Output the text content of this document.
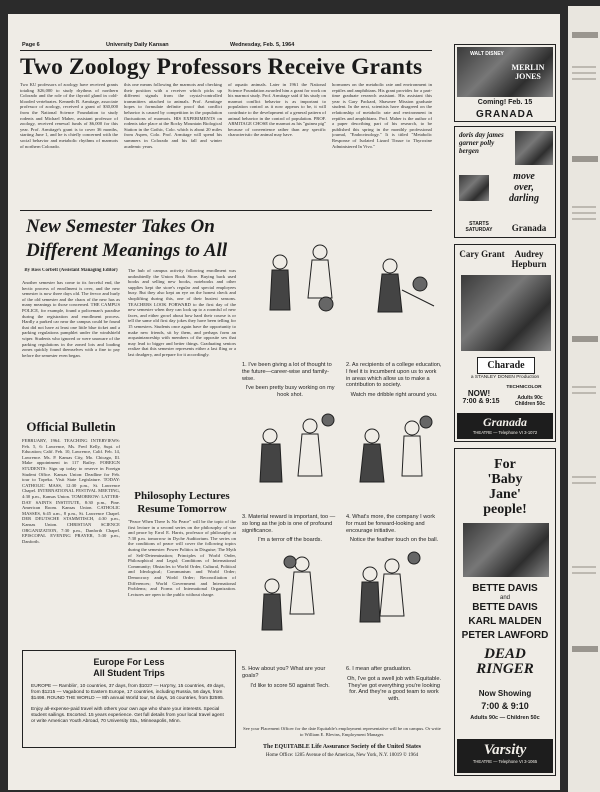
Page 6	University Daily Kansan	Wednesday, Feb. 5, 1964
Two Zoology Professors Receive Grants
Two KU professors of zoology have received grants totaling $26,000 to study rhythms of northern Colorado and the role of the thyroid gland in cold-blooded vertebrates. Kenneth B. Armitage, associate professor of zoology, received a grant of $30,000 from the National Science Foundation to study rodents and Michael Maher, assistant professor of zoology, received renewal funds of $6,000 for this year. Prof. Armitage's grant is to cover 36 months, starting June 1, and he is chiefly concerned with the social behavior and metabolic rhythms of marmots of northern Colorado.
this one means following the marmots and checking their position with a receiver which picks up different signals from the crystal-controlled transmitters attached to animals. Prof. Armitage hopes to formulate definite proof that conflict behavior is caused by competition in the population fluctuations of marmots. HIS EXPERIMENTS on rodents take place at the Rocky Mountain Biological Station in the Gothic, Colo. which is about 20 miles from Aspen, Colo. Prof. Armitage will spend his summers in Colorado and his fall and winter academic years.
of aquatic animals. Later in 1961 the National Science Foundation awarded him a grant for work on his marmot study. Prof. Armitage said if his study on marmot conflict behavior is as important to population control as it now appears to be, it will contribute to the development of a general pattern of animal behavior in the control of population. PROF. ARMITAGE CHOSE the marmot as his "guinea pig" because of convenience rather than any specific characteristic the animal may have.
hormones on the metabolic rate and environment in reptiles and amphibians. His grant provides for a part-time graduate research assistant. His assistant this year is Gary Packard, Shawnee Mission graduate student. In the next, scientists have disagreed on the relationship of metabolic rate and environment in reptiles and amphibians. Prof. Maher is the author of a paper describing part of his research, to be published this spring in the monthly professional journal, "Endocrinology." It is titled "Metabolic Response of Isolated Lizard Tissue to Thyroxine Administered In Vivo."
New Semester Takes On
Different Meanings to All
By Ross Corbett (Assistant Managing Editor)
Another semester has come to its forceful end, the hectic process of enrollment is over, and the new semester is now three days old. The fervor and hurly of the old semester and the chaos of the new has as many meanings to those concerned. THE CAMPUS POLICE, for example, found a policeman's paradise during the registration and enrollment process. Hardly a parked car near the campus could be found that did not have at least one little blue ticket and a parking regulations pamphlet under the windshield wiper. Students who ignored or were unaware of the parking regulations in the zoned lots and loading zones quickly found themselves with a fine to pay before the semester even began.
The hub of campus activity following enrollment was undoubtedly the Union Book Store. Buying back used books and selling new books, notebooks and other supplies kept the store's regular and special employees busy. But they also kept an eye on the honest check and shoplifting during this, one of their busiest seasons. TEACHERS LOOK FORWARD to the first day of the new semester when they can look up to a roomful of new faces, and either growl about how hard their course is or tell the same old first day jokes they have been telling for 15 semesters. Students once again have the opportunity to make new friends, sit by them, and perhaps form an acquaintanceship with members of the opposite sex that may lead to bigger and better things. Graduating seniors realize that this semester represents either a last fling or a last drudgery, and prepare for it accordingly.
Official Bulletin
FEBRUARY, 1964. TEACHING INTERVIEWS: Feb. 5, 6: Lawrence, Ms. Fred Kelly, Supt. of Education; Calif. Feb. 10, Lawrence, Calif. Feb. 14, Lawrence. Ms. P. Kansas City, Mo. Chicago, Ill. Make appointment in 117 Bailey. FOREIGN STUDENTS: Sign up today to reserve in Foreign Student Office. Kansas Union: Deadline for Feb. tour to Topeka. Visit State Legislature. TODAY: CATHOLIC MASS, 12:30 p.m., St. Lawrence Chapel. INTERNATIONAL FESTIVAL MEETING, 4:30 p.m., Kansas Union. TOMORROW: LATTER-DAY SAINTS INSTITUTE, 8:30 p.m., Pine. American Room. Kansas Union. CATHOLIC MASSES, 6:45 a.m., 8 p.m., St. Lawrence Chapel. DER DEUTSCHE STAMMTISCH, 4:30 p.m., Kansas Union. CHRISTIAN SCIENCE ORGANIZATION, 7:30 p.m., Danforth Chapel. EPISCOPAL EVENING PRAYER, 5:30 p.m., Danforth.
Philosophy Lectures
Resume Tomorrow
"Peace When There Is No Peace" will be the topic of the first lecture in a second series on the philosophy of war and peace by Errol E. Harris, professor of philosophy at 7:30 p.m. tomorrow in Dyche Auditorium. The series on the conditions of peace will cover the following topics during the semester: Power Politics in Disguise; The Myth of Self-Determination; Principles of World Order, Philosophical and Legal; Conditions of International Community; Obstacles to World Order, Cultural, Political and Ideological; Communism and World Order; Democracy and World Order; Reconciliation of Differences; World Government and International Problems; and Forms of International Organization. Lectures are open to the public without charge.
Europe For Less
All Student Trips
EUROPE — Ramblin', 10 countries, 37 days, from $1027 — Ha'p'ny, 15 countries, 49 days, from $1215 — Vagabond to Eastern Europe, 17 countries, including Russia, 56 days, from $1498. ROUND THE WORLD — 8th annual World tour, 54 days, 16 countries, from $2595.
Enjoy all-expense-paid travel with others your own age who share your interests. Special student sailings. Escorted. 15 years experience. Get full details from your local travel agent or write American Youth Abroad, 70 University Sta., Minneapolis, Minn.
1. I've been giving a lot of thought to the future—career-wise and family-wise.
I've been pretty busy working on my hook shot.
2. As recipients of a college education, I feel it is incumbent upon us to work in areas which allow us to make a contribution to society.
Watch me dribble right around you.
3. Material reward is important, too — so long as the job is one of profound significance.
I'm a terror off the boards.
4. What's more, the company I work for must be forward-looking and encourage initiative.
Notice the feather touch on the ball.
5. How about you? What are your goals?
I'd like to score 50 against Tech.
6. I mean after graduation.
Oh, I've got a swell job with Equitable. They've got everything you're looking for. And they're a good team to work with.
See your Placement Officer for the date Equitable's employment representative will be on campus. Or write to William E. Blevins, Employment Manager.
The EQUITABLE Life Assurance Society of the United States
Home Office: 1285 Avenue of the Americas, New York, N.Y. 10019 © 1964
WALT DISNEY
MERLIN JONES
Coming! Feb. 15
GRANADA
doris day james garner polly bergen
move
over,
darling
STARTS SATURDAY	Granada
Cary Grant	Audrey Hepburn
Charade
a STANLEY DONEN Production
TECHNICOLOR
NOW!
7:00 & 9:15	Adults 90c Children 50c
Granada
THEATRE — Telephone VI 3-1072
For
'Baby
Jane'
people!
BETTE DAVIS
and
BETTE DAVIS
KARL MALDEN
PETER LAWFORD
DEAD
RINGER
Now Showing
7:00 & 9:10
Adults 90c — Children 50c
Varsity
THEATRE — Telephone VI 3-1065
